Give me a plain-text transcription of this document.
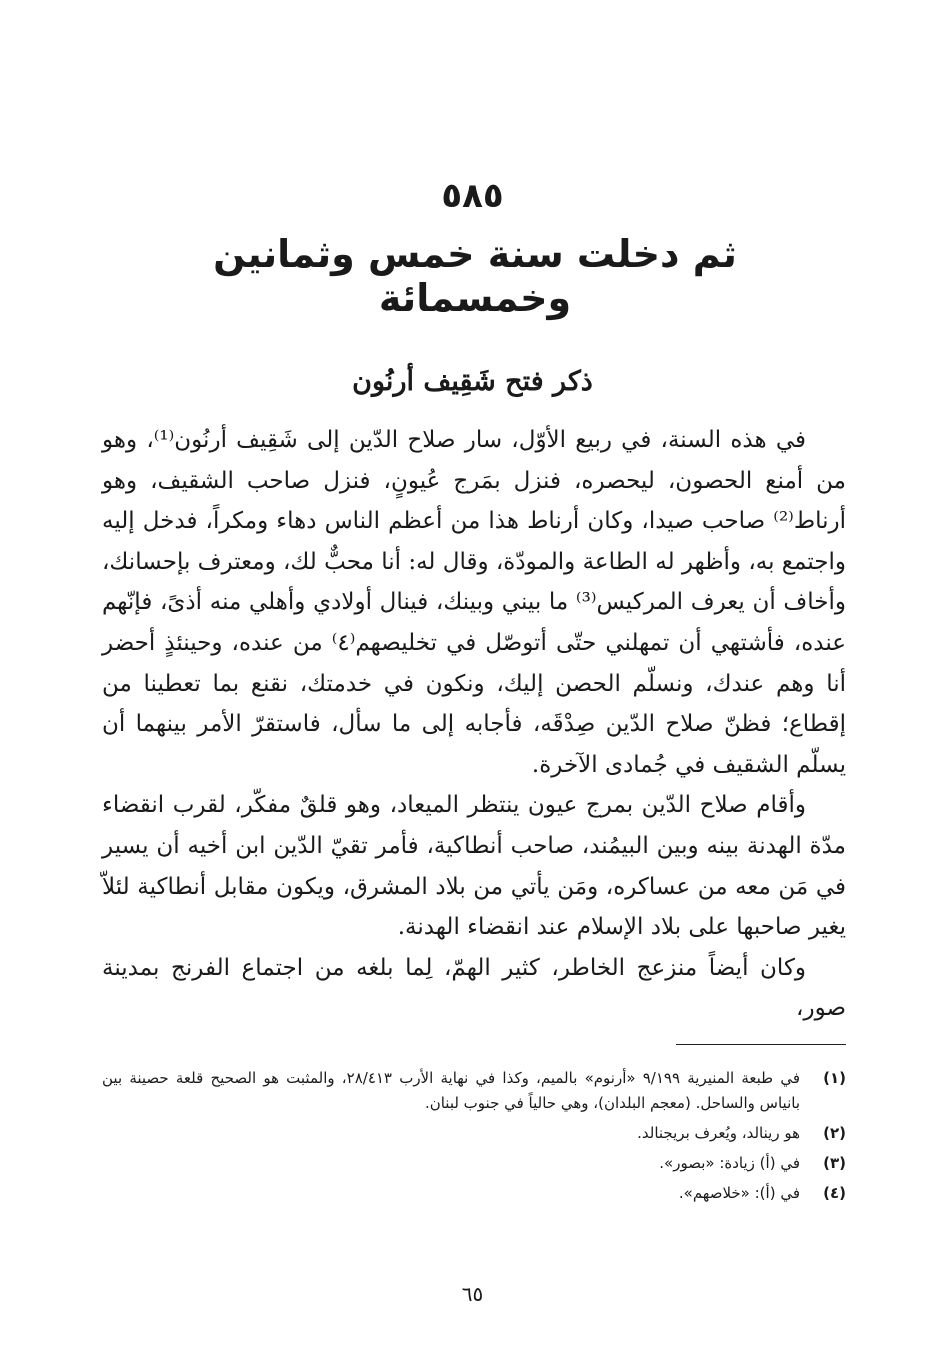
٥٨٥
ثم دخلت سنة خمس وثمانين وخمسمائة
ذكر فتح شَقِيف أرنُون

في هذه السنة، في ربيع الأوّل، سار صلاح الدّين إلى شَقِيف أرنُون⁽¹⁾، وهو من أمنع الحصون، ليحصره، فنزل بمَرج عُيونٍ، فنزل صاحب الشقيف، وهو أرناط⁽²⁾ صاحب صيدا، وكان أرناط هذا من أعظم الناس دهاء ومكراً، فدخل إليه واجتمع به، وأظهر له الطاعة والمودّة، وقال له: أنا محبٌّ لك، ومعترف بإحسانك، وأخاف أن يعرف المركيس⁽³⁾ ما بيني وبينك، فينال أولادي وأهلي منه أذىً، فإنّهم عنده، فأشتهي أن تمهلني حتّى أتوصّل في تخليصهم⁽٤⁾ من عنده، وحينئذٍ أحضر أنا وهم عندك، ونسلّم الحصن إليك، ونكون في خدمتك، نقنع بما تعطينا من إقطاع؛ فظنّ صلاح الدّين صِدْقَه، فأجابه إلى ما سأل، فاستقرّ الأمر بينهما أن يسلّم الشقيف في جُمادى الآخرة.

وأقام صلاح الدّين بمرج عيون ينتظر الميعاد، وهو قلقٌ مفكّر، لقرب انقضاء مدّة الهدنة بينه وبين البيمُند، صاحب أنطاكية، فأمر تقيّ الدّين ابن أخيه أن يسير في مَن معه من عساكره، ومَن يأتي من بلاد المشرق، ويكون مقابل أنطاكية لئلاّ يغير صاحبها على بلاد الإسلام عند انقضاء الهدنة.

وكان أيضاً منزعج الخاطر، كثير الهمّ، لِما بلغه من اجتماع الفرنج بمدينة صور،

(١)
في طبعة المنيرية ٩/١٩٩ «أرنوم» بالميم، وكذا في نهاية الأرب ٢٨/٤١٣، والمثبت هو الصحيح قلعة حصينة بين بانياس والساحل. (معجم البلدان)، وهي حالياً في جنوب لبنان.
(٢)
هو رينالد، ويُعرف بريجنالد.
(٣)
في (أ) زيادة: «بصور».
(٤)
في (أ): «خلاصهم».
٦٥
